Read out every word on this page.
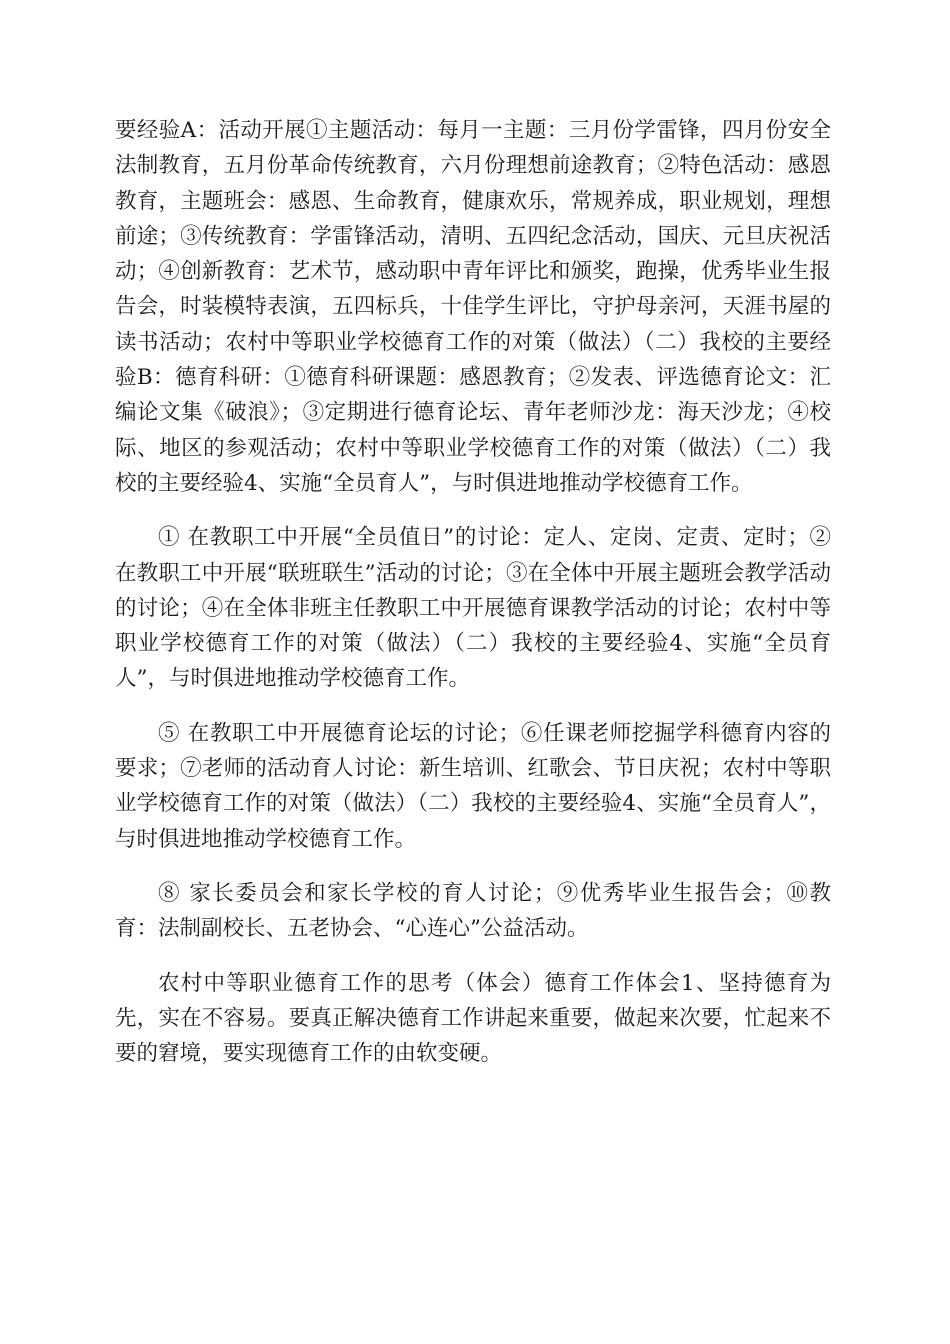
要经验A：活动开展①主题活动：每月一主题：三月份学雷锋，四月份安全法制教育，五月份革命传统教育，六月份理想前途教育；②特色活动：感恩教育，主题班会：感恩、生命教育，健康欢乐，常规养成，职业规划，理想前途；③传统教育：学雷锋活动，清明、五四纪念活动，国庆、元旦庆祝活动；④创新教育：艺术节，感动职中青年评比和颁奖，跑操，优秀毕业生报告会，时装模特表演，五四标兵，十佳学生评比，守护母亲河，天涯书屋的读书活动；农村中等职业学校德育工作的对策（做法）（二）我校的主要经验B：德育科研：①德育科研课题：感恩教育；②发表、评选德育论文：汇编论文集《破浪》；③定期进行德育论坛、青年老师沙龙：海天沙龙；④校际、地区的参观活动；农村中等职业学校德育工作的对策（做法）（二）我校的主要经验4、实施“全员育人”，与时俱进地推动学校德育工作。

① 在教职工中开展“全员值日”的讨论：定人、定岗、定责、定时；②在教职工中开展“联班联生”活动的讨论；③在全体中开展主题班会教学活动的讨论；④在全体非班主任教职工中开展德育课教学活动的讨论；农村中等职业学校德育工作的对策（做法）（二）我校的主要经验4、实施“全员育人”，与时俱进地推动学校德育工作。

⑤ 在教职工中开展德育论坛的讨论；⑥任课老师挖掘学科德育内容的要求；⑦老师的活动育人讨论：新生培训、红歌会、节日庆祝；农村中等职业学校德育工作的对策（做法）（二）我校的主要经验4、实施“全员育人”，与时俱进地推动学校德育工作。

⑧ 家长委员会和家长学校的育人讨论；⑨优秀毕业生报告会；⑩教育：法制副校长、五老协会、“心连心”公益活动。

农村中等职业德育工作的思考（体会）德育工作体会1、坚持德育为先，实在不容易。要真正解决德育工作讲起来重要，做起来次要，忙起来不要的窘境，要实现德育工作的由软变硬。
